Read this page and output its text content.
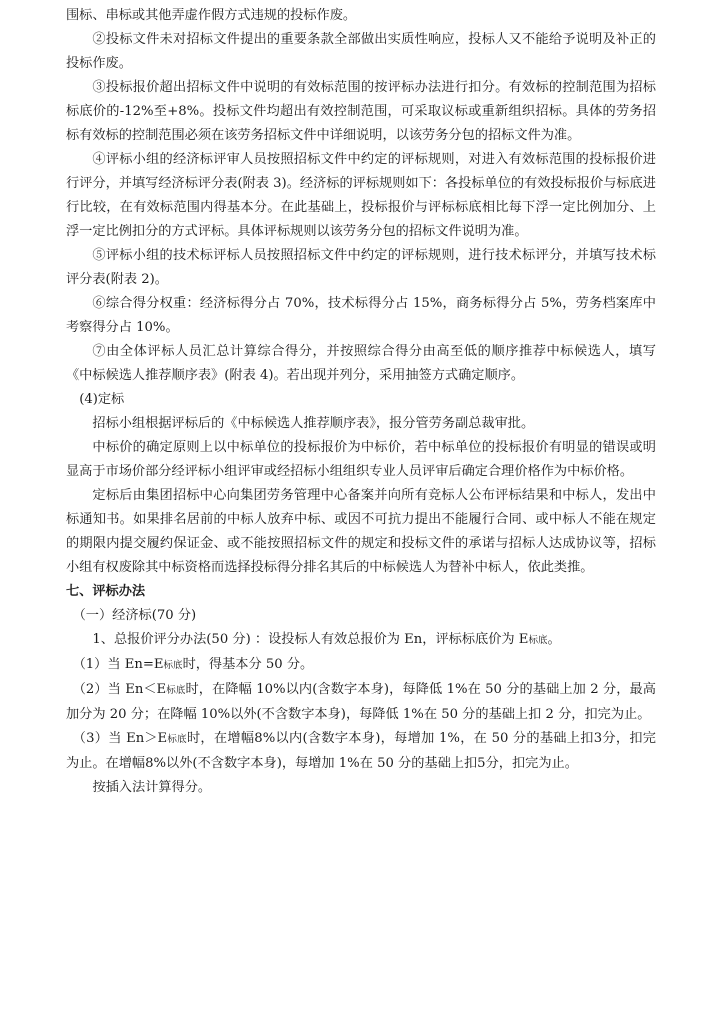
围标、串标或其他弄虚作假方式违规的投标作废。

②投标文件未对招标文件提出的重要条款全部做出实质性响应，投标人又不能给予说明及补正的投标作废。

③投标报价超出招标文件中说明的有效标范围的按评标办法进行扣分。有效标的控制范围为招标标底价的-12%至+8%。投标文件均超出有效控制范围，可采取议标或重新组织招标。具体的劳务招标有效标的控制范围必须在该劳务招标文件中详细说明，以该劳务分包的招标文件为准。

④评标小组的经济标评审人员按照招标文件中约定的评标规则，对进入有效标范围的投标报价进行评分，并填写经济标评分表(附表 3)。经济标的评标规则如下：各投标单位的有效投标报价与标底进行比较，在有效标范围内得基本分。在此基础上，投标报价与评标标底相比每下浮一定比例加分、上浮一定比例扣分的方式评标。具体评标规则以该劳务分包的招标文件说明为准。

⑤评标小组的技术标评标人员按照招标文件中约定的评标规则，进行技术标评分，并填写技术标评分表(附表 2)。

⑥综合得分权重：经济标得分占 70%，技术标得分占 15%，商务标得分占 5%，劳务档案库中考察得分占 10%。

⑦由全体评标人员汇总计算综合得分，并按照综合得分由高至低的顺序推荐中标候选人，填写《中标候选人推荐顺序表》(附表 4)。若出现并列分，采用抽签方式确定顺序。

(4)定标

招标小组根据评标后的《中标候选人推荐顺序表》，报分管劳务副总裁审批。

中标价的确定原则上以中标单位的投标报价为中标价，若中标单位的投标报价有明显的错误或明显高于市场价部分经评标小组评审或经招标小组组织专业人员评审后确定合理价格作为中标价格。

定标后由集团招标中心向集团劳务管理中心备案并向所有竞标人公布评标结果和中标人，发出中标通知书。如果排名居前的中标人放弃中标、或因不可抗力提出不能履行合同、或中标人不能在规定的期限内提交履约保证金、或不能按照招标文件的规定和投标文件的承诺与招标人达成协议等，招标小组有权废除其中标资格而选择投标得分排名其后的中标候选人为替补中标人，依此类推。

七、评标办法

（一）经济标(70 分)

1、总报价评分办法(50 分) ：设投标人有效总报价为 En，评标标底价为 E标底。

（1）当 En=E标底时，得基本分 50 分。

（2）当 En＜E标底时，在降幅 10%以内(含数字本身)，每降低 1%在 50 分的基础上加 2 分，最高加分为 20 分；在降幅 10%以外(不含数字本身)，每降低 1%在 50 分的基础上扣 2 分，扣完为止。

（3）当 En＞E标底时，在增幅8%以内(含数字本身)，每增加 1%，在 50 分的基础上扣3分，扣完为止。在增幅8%以外(不含数字本身)，每增加 1%在 50 分的基础上扣5分，扣完为止。

按插入法计算得分。
